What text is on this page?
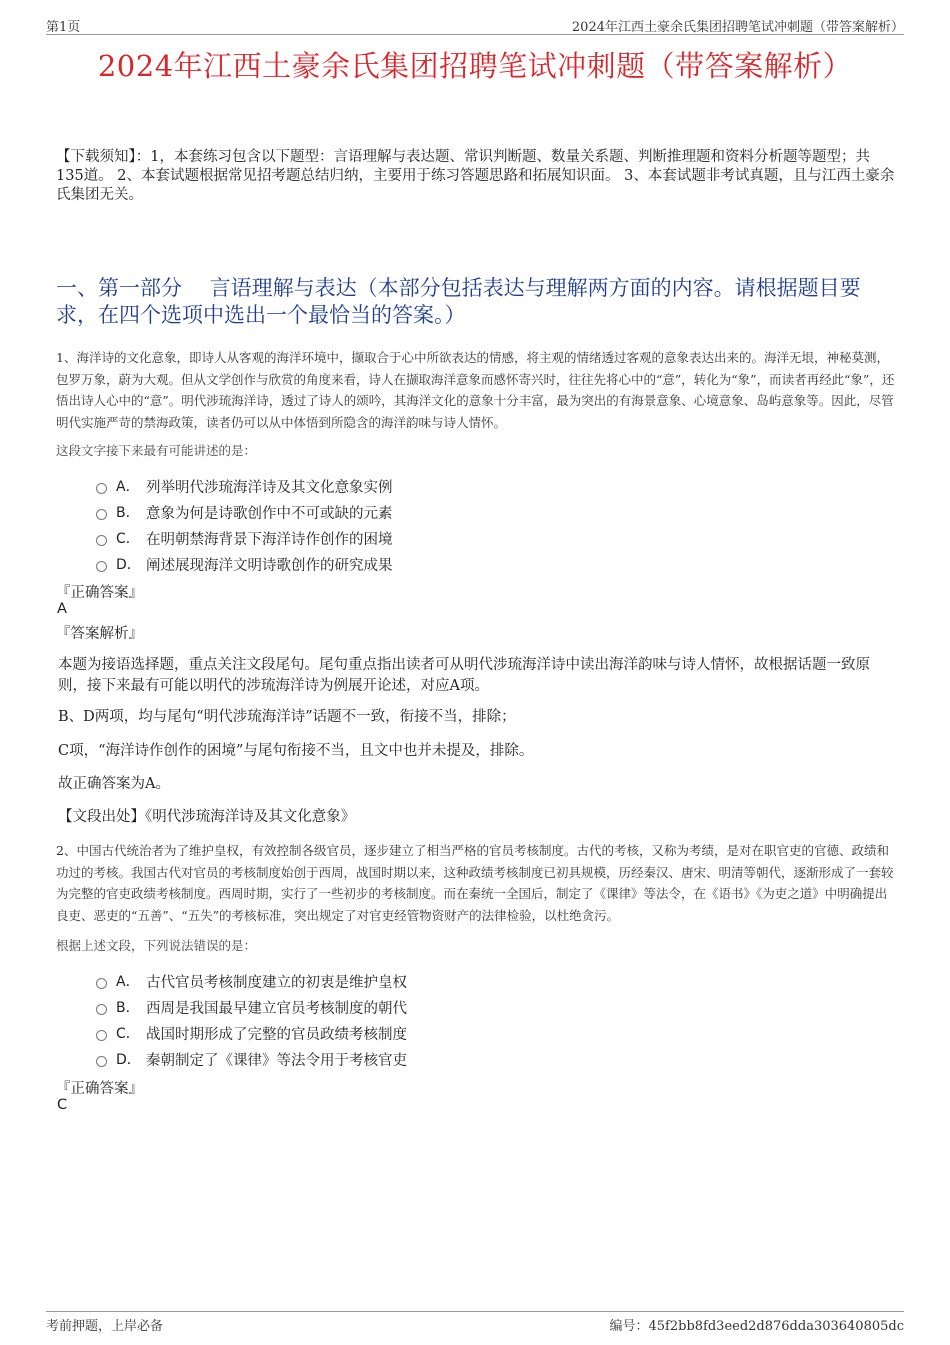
第1页	2024年江西土豪余氏集团招聘笔试冲刺题（带答案解析）
2024年江西土豪余氏集团招聘笔试冲刺题（带答案解析）
【下载须知】：1，本套练习包含以下题型：言语理解与表达题、常识判断题、数量关系题、判断推理题和资料分析题等题型；共135道。 2、本套试题根据常见招考题总结归纳，主要用于练习答题思路和拓展知识面。 3、本套试题非考试真题，且与江西土豪余氏集团无关。
一、第一部分　 言语理解与表达（本部分包括表达与理解两方面的内容。请根据题目要求，在四个选项中选出一个最恰当的答案。）
1、海洋诗的文化意象，即诗人从客观的海洋环境中，撷取合于心中所欲表达的情感，将主观的情绪透过客观的意象表达出来的。海洋无垠，神秘莫测，包罗万象，蔚为大观。但从文学创作与欣赏的角度来看，诗人在撷取海洋意象而感怀寄兴时，往往先将心中的“意”，转化为“象”，而读者再经此“象”，还悟出诗人心中的“意”。明代涉琉海洋诗，透过了诗人的颂吟，其海洋文化的意象十分丰富，最为突出的有海景意象、心境意象、岛屿意象等。因此，尽管明代实施严苛的禁海政策，读者仍可以从中体悟到所隐含的海洋韵味与诗人情怀。
这段文字接下来最有可能讲述的是：
A． 列举明代涉琉海洋诗及其文化意象实例
B． 意象为何是诗歌创作中不可或缺的元素
C． 在明朝禁海背景下海洋诗作创作的困境
D． 阐述展现海洋文明诗歌创作的研究成果
『正确答案』
A
『答案解析』
本题为接语选择题，重点关注文段尾句。尾句重点指出读者可从明代涉琉海洋诗中读出海洋韵味与诗人情怀，故根据话题一致原则，接下来最有可能以明代的涉琉海洋诗为例展开论述，对应A项。
B、D两项，均与尾句“明代涉琉海洋诗”话题不一致，衔接不当，排除；
C项，“海洋诗作创作的困境”与尾句衔接不当，且文中也并未提及，排除。
故正确答案为A。
【文段出处】《明代涉琉海洋诗及其文化意象》
2、中国古代统治者为了维护皇权，有效控制各级官员，逐步建立了相当严格的官员考核制度。古代的考核，又称为考绩，是对在职官吏的官德、政绩和功过的考核。我国古代对官员的考核制度始创于西周，战国时期以来，这种政绩考核制度已初具规模，历经秦汉、唐宋、明清等朝代，逐渐形成了一套较为完整的官吏政绩考核制度。西周时期，实行了一些初步的考核制度。而在秦统一全国后，制定了《课律》等法令，在《语书》《为吏之道》中明确提出良吏、恶吏的“五善”、“五失”的考核标准，突出规定了对官吏经管物资财产的法律检验，以杜绝贪污。
根据上述文段，下列说法错误的是：
A． 古代官员考核制度建立的初衷是维护皇权
B． 西周是我国最早建立官员考核制度的朝代
C． 战国时期形成了完整的官员政绩考核制度
D． 秦朝制定了《课律》等法令用于考核官吏
『正确答案』
C
考前押题，上岸必备	编号：45f2bb8fd3eed2d876dda303640805dc
